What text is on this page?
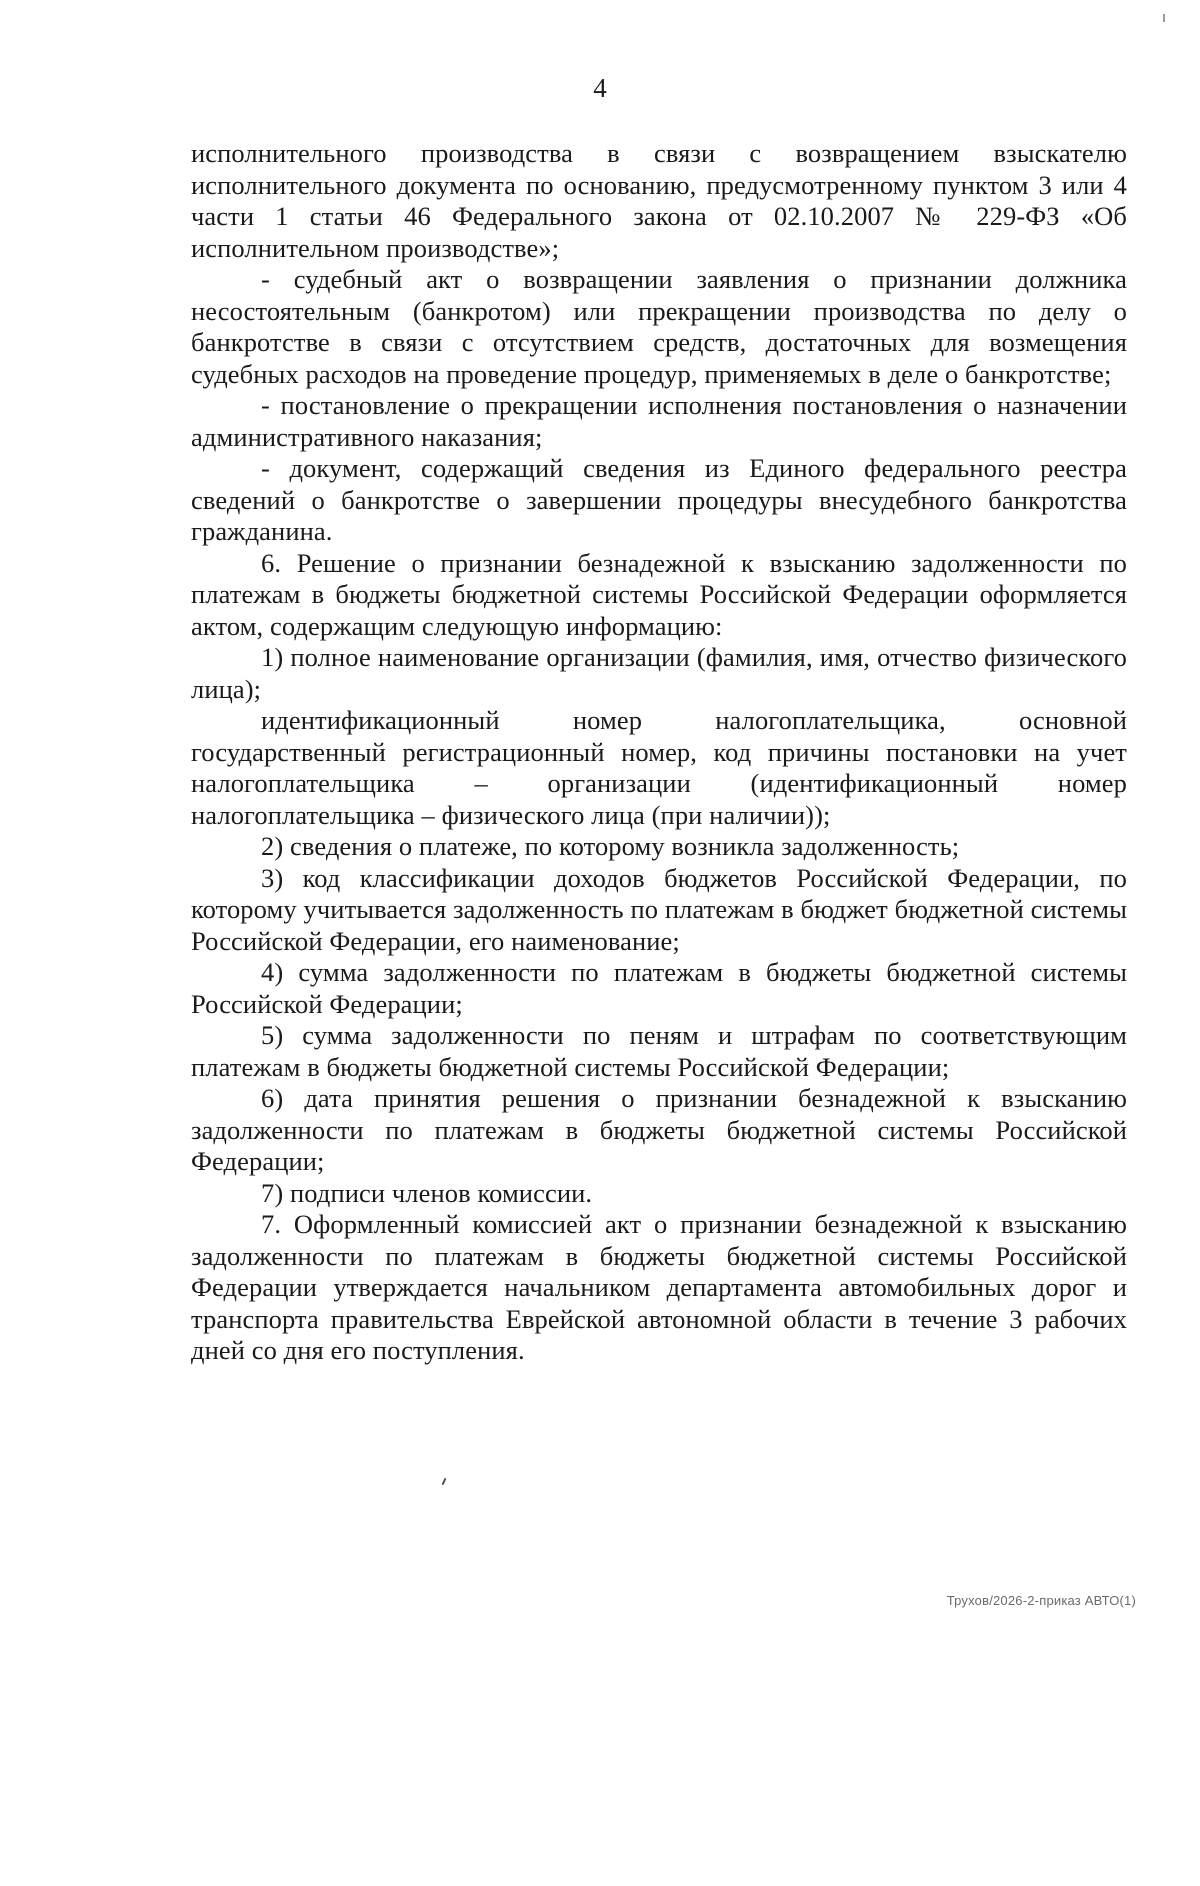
4

исполнительного производства в связи с возвращением взыскателю исполнительного документа по основанию, предусмотренному пунктом 3 или 4 части 1 статьи 46 Федерального закона от 02.10.2007 № 229-ФЗ «Об исполнительном производстве»;

- судебный акт о возвращении заявления о признании должника несостоятельным (банкротом) или прекращении производства по делу о банкротстве в связи с отсутствием средств, достаточных для возмещения судебных расходов на проведение процедур, применяемых в деле о банкротстве;

- постановление о прекращении исполнения постановления о назначении административного наказания;

- документ, содержащий сведения из Единого федерального реестра сведений о банкротстве о завершении процедуры внесудебного банкротства гражданина.

6. Решение о признании безнадежной к взысканию задолженности по платежам в бюджеты бюджетной системы Российской Федерации оформляется актом, содержащим следующую информацию:

1) полное наименование организации (фамилия, имя, отчество физического лица);

идентификационный номер налогоплательщика, основной государственный регистрационный номер, код причины постановки на учет налогоплательщика – организации (идентификационный номер налогоплательщика – физического лица (при наличии));

2) сведения о платеже, по которому возникла задолженность;

3) код классификации доходов бюджетов Российской Федерации, по которому учитывается задолженность по платежам в бюджет бюджетной системы Российской Федерации, его наименование;

4) сумма задолженности по платежам в бюджеты бюджетной системы Российской Федерации;

5) сумма задолженности по пеням и штрафам по соответствующим платежам в бюджеты бюджетной системы Российской Федерации;

6) дата принятия решения о признании безнадежной к взысканию задолженности по платежам в бюджеты бюджетной системы Российской Федерации;

7) подписи членов комиссии.

7. Оформленный комиссией акт о признании безнадежной к взысканию задолженности по платежам в бюджеты бюджетной системы Российской Федерации утверждается начальником департамента автомобильных дорог и транспорта правительства Еврейской автономной области в течение 3 рабочих дней со дня его поступления.

Трухов/2026-2-приказ АВТО(1)
